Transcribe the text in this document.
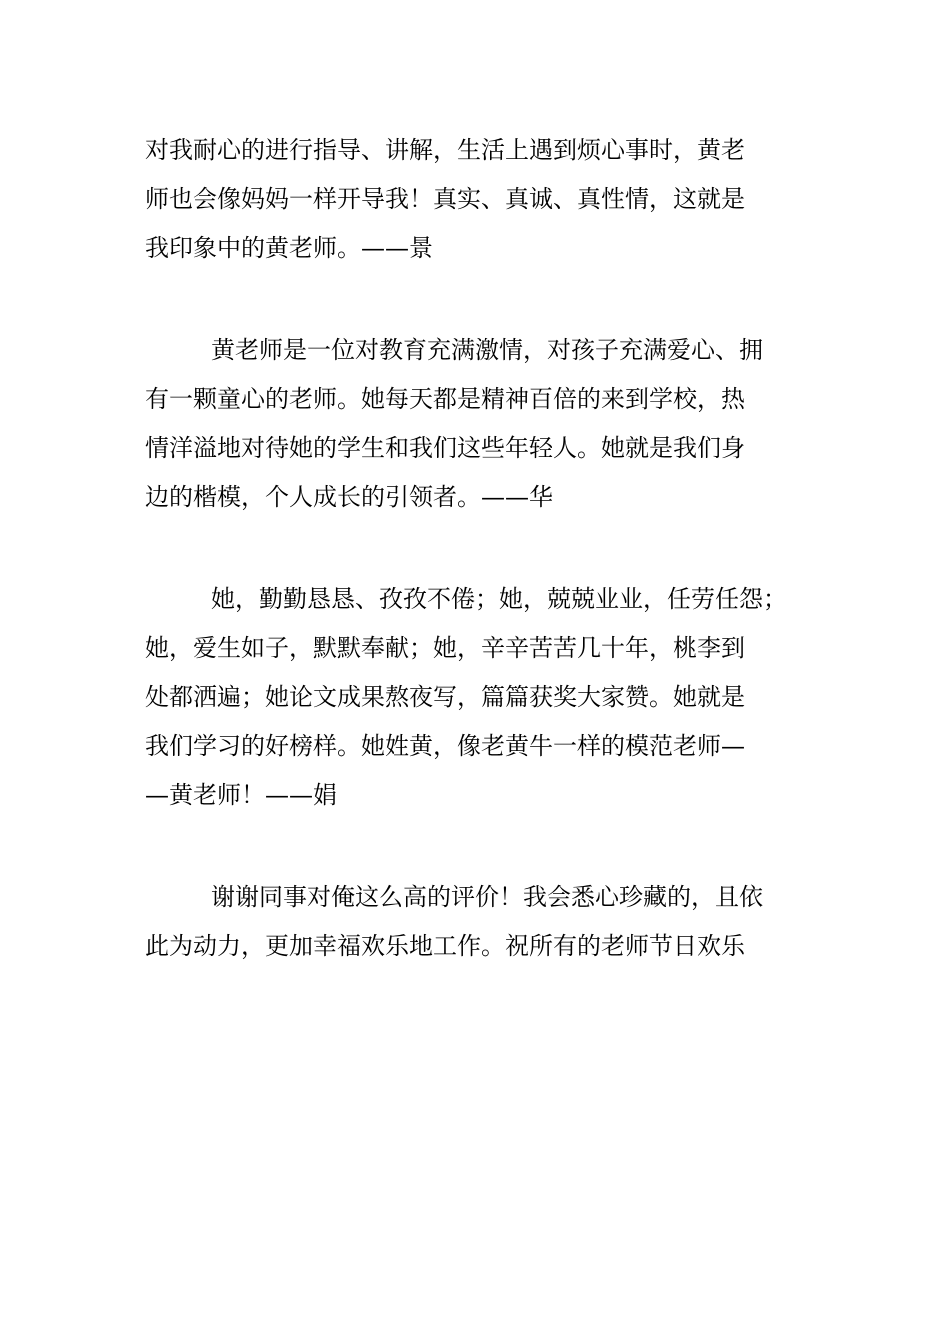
对我耐心的进行指导、讲解，生活上遇到烦心事时，黄老

师也会像妈妈一样开导我！真实、真诚、真性情，这就是

我印象中的黄老师。——景

黄老师是一位对教育充满激情，对孩子充满爱心、拥

有一颗童心的老师。她每天都是精神百倍的来到学校，热

情洋溢地对待她的学生和我们这些年轻人。她就是我们身

边的楷模，个人成长的引领者。——华

她，勤勤恳恳、孜孜不倦；她，兢兢业业，任劳任怨；

她，爱生如子，默默奉献；她，辛辛苦苦几十年，桃李到

处都洒遍；她论文成果熬夜写，篇篇获奖大家赞。她就是

我们学习的好榜样。她姓黄，像老黄牛一样的模范老师—

—黄老师！——娟

谢谢同事对俺这么高的评价！我会悉心珍藏的，且依

此为动力，更加幸福欢乐地工作。祝所有的老师节日欢乐
